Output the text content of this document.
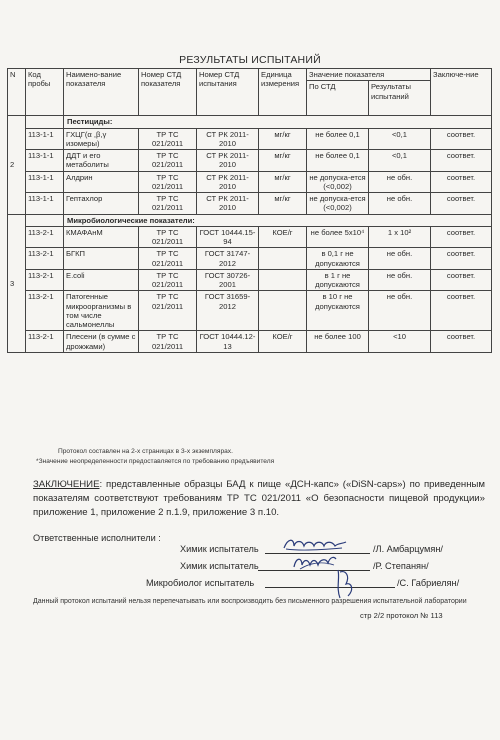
РЕЗУЛЬТАТЫ ИСПЫТАНИЙ
N	Код пробы	Наимено-вание показателя	Номер СТД показателя	Номер СТД испытания	Единица измерения	Значение показателя		Заключе-ние
						По СТД	Результаты испытаний	
2		Пестициды:						
	113-1-1	ГХЦГ(α ,β,γ изомеры)	ТР ТС 021/2011	СТ РК 2011-2010	мг/кг	не более 0,1	<0,1	соответ.
	113-1-1	ДДТ и его метаболиты	ТР ТС 021/2011	СТ РК 2011-2010	мг/кг	не более 0,1	<0,1	соответ.
	113-1-1	Алдрин	ТР ТС 021/2011	СТ РК 2011-2010	мг/кг	не допуска-ется (<0,002)	не обн.	соответ.
	113-1-1	Гептахлор	ТР ТС 021/2011	СТ РК 2011-2010	мг/кг	не допуска-ется (<0,002)	не обн.	соответ.
3		Микробиологические показатели:						
	113-2-1	КМАФАнМ	ТР ТС 021/2011	ГОСТ 10444.15-94	КОЕ/г	не более 5х10⁴	1 х 10²	соответ.
	113-2-1	БГКП	ТР ТС 021/2011	ГОСТ 31747-2012		в 0,1 г не допускаются	не обн.	соответ.
	113-2-1	E.coli	ТР ТС 021/2011	ГОСТ 30726-2001		в 1 г не допускаются	не обн.	соответ.
	113-2-1	Патогенные микроорганизмы в том числе сальмонеллы	ТР ТС 021/2011	ГОСТ 31659-2012		в 10 г не допускаются	не обн.	соответ.
	113-2-1	Плесени (в сумме с дрожжами)	ТР ТС 021/2011	ГОСТ 10444.12-13	КОЕ/г	не более 100	<10	соответ.
Протокол составлен на 2-х страницах в 3-х экземплярах.
*Значение неопределенности предоставляется по требованию предъявителя
ЗАКЛЮЧЕНИЕ: представленные образцы БАД к пище «ДСН-капс» («DiSN-caps») по приведенным показателям соответствуют требованиям ТР ТС 021/2011 «О безопасности пищевой продукции» приложение 1, приложение 2 п.1.9, приложение 3 п.10.
Ответственные исполнители :
Химик испытатель	/Л. Амбарцумян/
Химик испытатель	/Р. Степанян/
Микробиолог испытатель	/С. Габриелян/
Данный протокол испытаний нельзя перепечатывать или воспроизводить без письменного разрешения испытательной лаборатории
стр 2/2 протокол № 113
